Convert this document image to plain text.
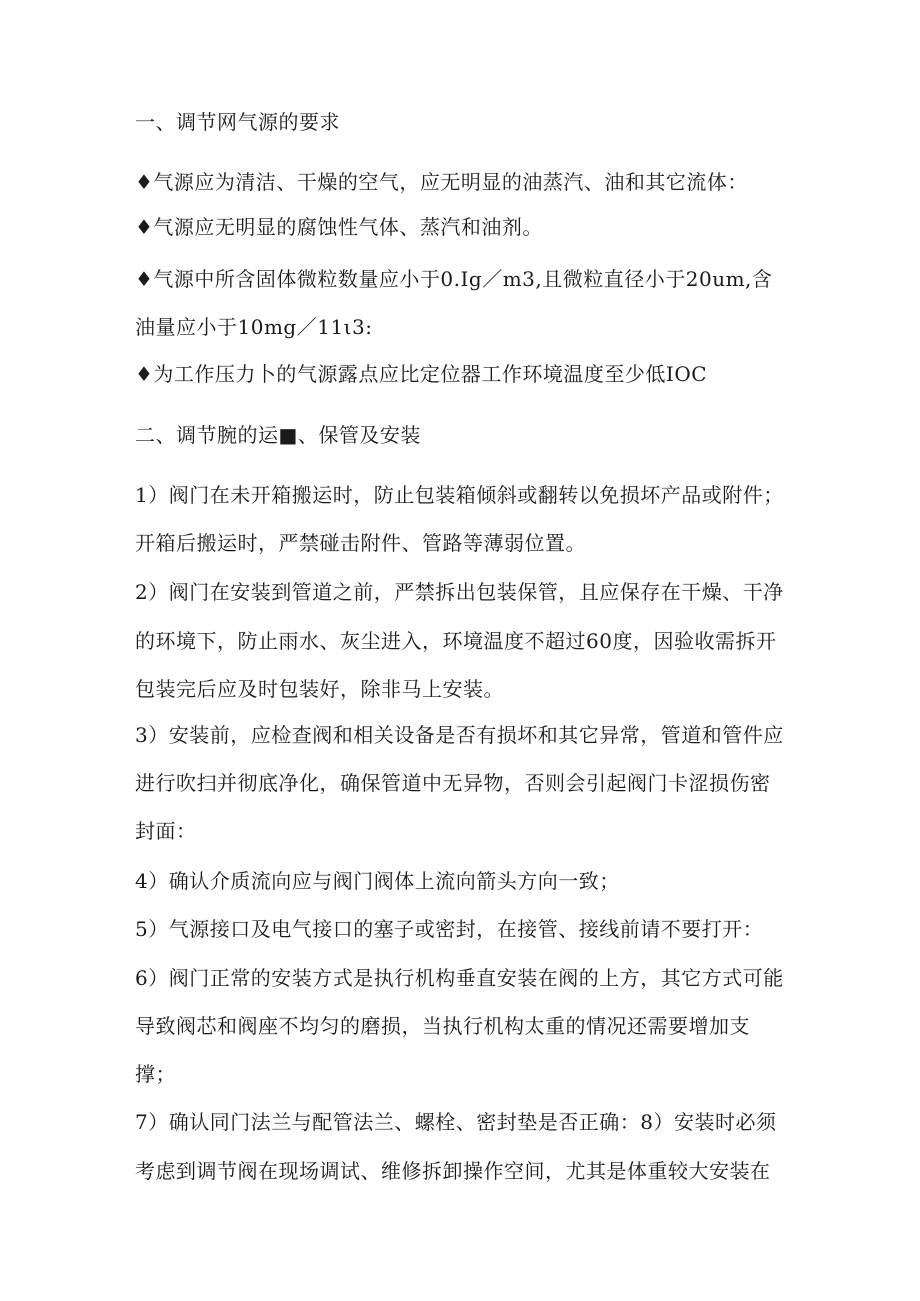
一、调节网气源的要求
♦气源应为清洁、干燥的空气，应无明显的油蒸汽、油和其它流体：
♦气源应无明显的腐蚀性气体、蒸汽和油剂。
♦气源中所含固体微粒数量应小于0.Ig／m3,且微粒直径小于20um,含
油量应小于10mg／11ι3:
♦为工作压力卜的气源露点应比定位器工作环境温度至少低IOC
二、调节腕的运■、保管及安装
1）阀门在未开箱搬运时，防止包装箱倾斜或翻转以免损坏产品或附件；
开箱后搬运时，严禁碰击附件、管路等薄弱位置。
2）阀门在安装到管道之前，严禁拆出包装保管，且应保存在干燥、干净
的环境下，防止雨水、灰尘进入，环境温度不超过60度，因验收需拆开
包装完后应及时包装好，除非马上安装。
3）安装前，应检查阀和相关设备是否有损坏和其它异常，管道和管件应
进行吹扫并彻底净化，确保管道中无异物，否则会引起阀门卡涩损伤密
封面：
4）确认介质流向应与阀门阀体上流向箭头方向一致；
5）气源接口及电气接口的塞子或密封，在接管、接线前请不要打开：
6）阀门正常的安装方式是执行机构垂直安装在阀的上方，其它方式可能
导致阀芯和阀座不均匀的磨损，当执行机构太重的情况还需要增加支
撑；
7）确认同门法兰与配管法兰、螺栓、密封垫是否正确：8）安装时必须
考虑到调节阀在现场调试、维修拆卸操作空间，尤其是体重较大安装在
